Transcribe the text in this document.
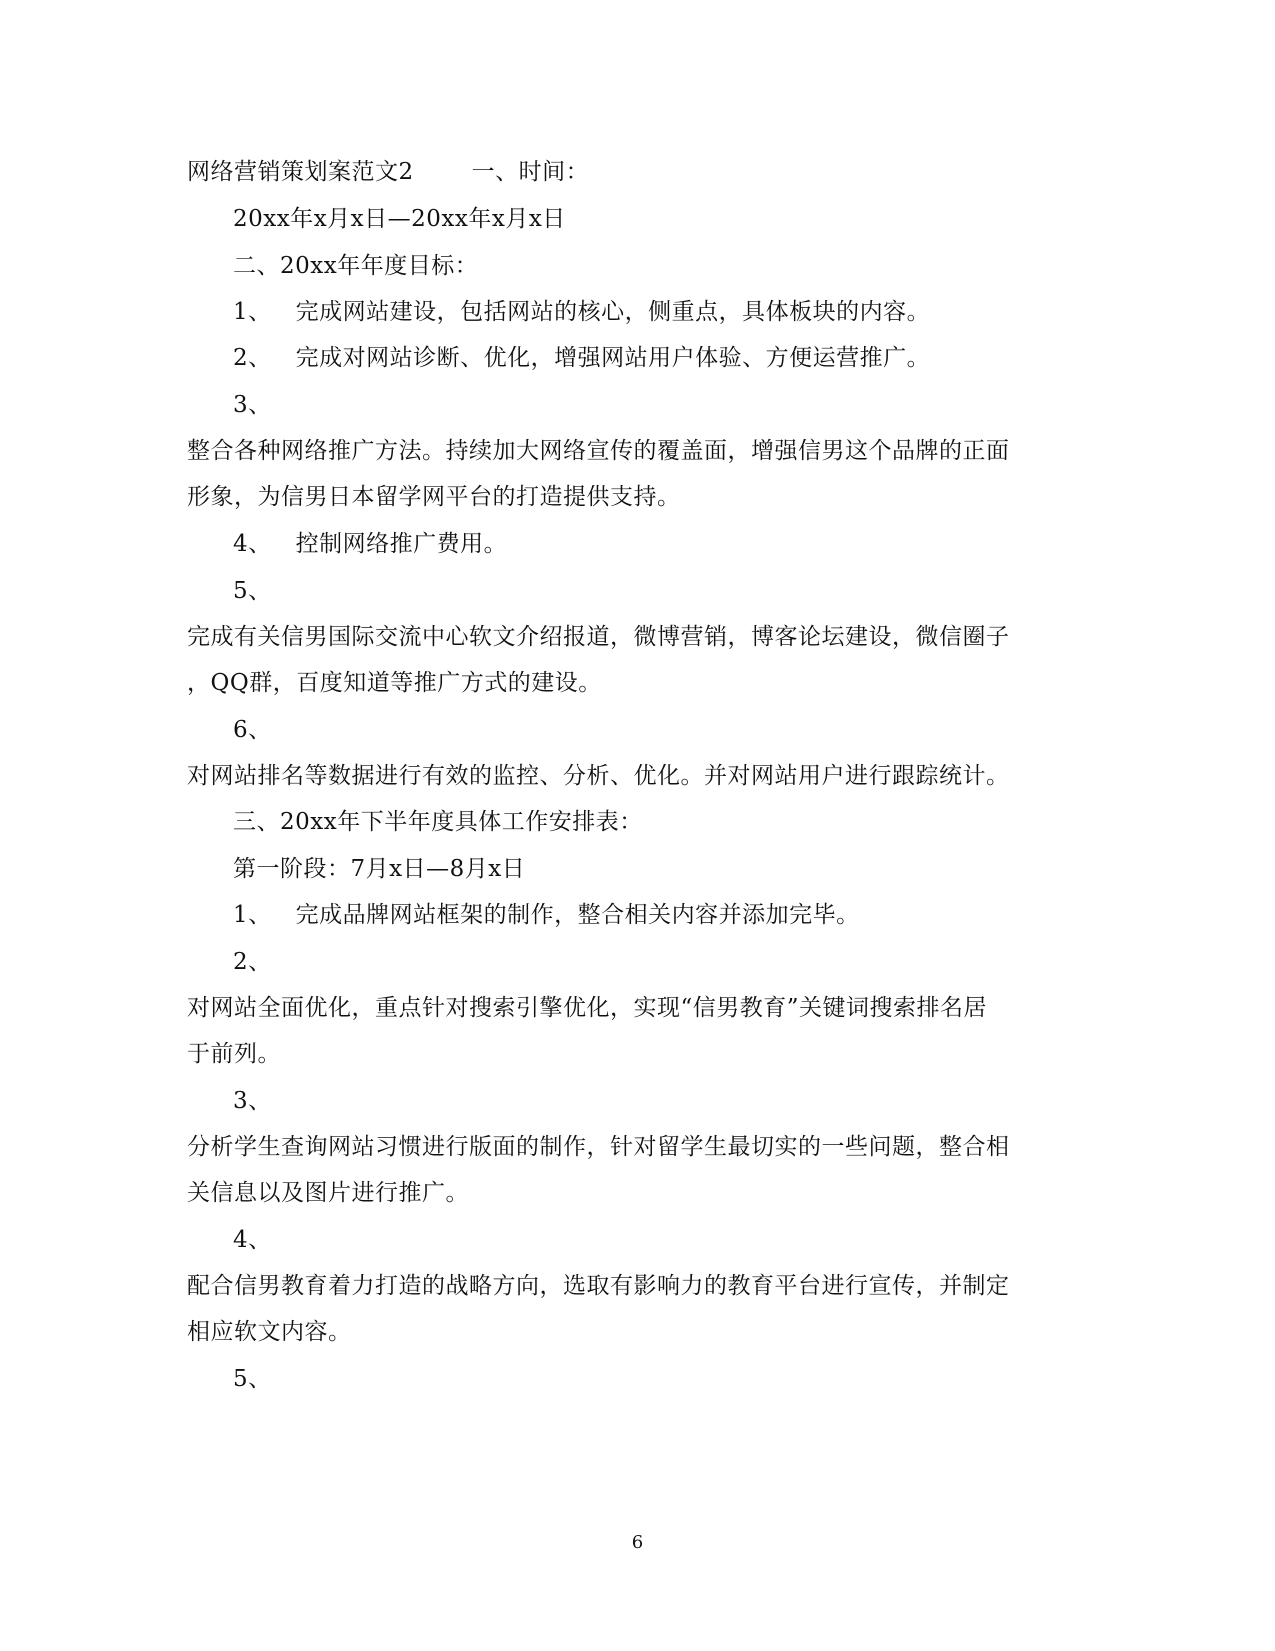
网络营销策划案范文2	一、时间：
20xx年x月x日—20xx年x月x日
二、20xx年年度目标：
1、 完成网站建设，包括网站的核心，侧重点，具体板块的内容。
2、 完成对网站诊断、优化，增强网站用户体验、方便运营推广。
3、
整合各种网络推广方法。持续加大网络宣传的覆盖面，增强信男这个品牌的正面
形象，为信男日本留学网平台的打造提供支持。
4、 控制网络推广费用。
5、
完成有关信男国际交流中心软文介绍报道，微博营销，博客论坛建设，微信圈子
，QQ群，百度知道等推广方式的建设。
6、
对网站排名等数据进行有效的监控、分析、优化。并对网站用户进行跟踪统计。
三、20xx年下半年度具体工作安排表：
第一阶段：7月x日—8月x日
1、 完成品牌网站框架的制作，整合相关内容并添加完毕。
2、
对网站全面优化，重点针对搜索引擎优化，实现“信男教育”关键词搜索排名居
于前列。
3、
分析学生查询网站习惯进行版面的制作，针对留学生最切实的一些问题，整合相
关信息以及图片进行推广。
4、
配合信男教育着力打造的战略方向，选取有影响力的教育平台进行宣传，并制定
相应软文内容。
5、
6
